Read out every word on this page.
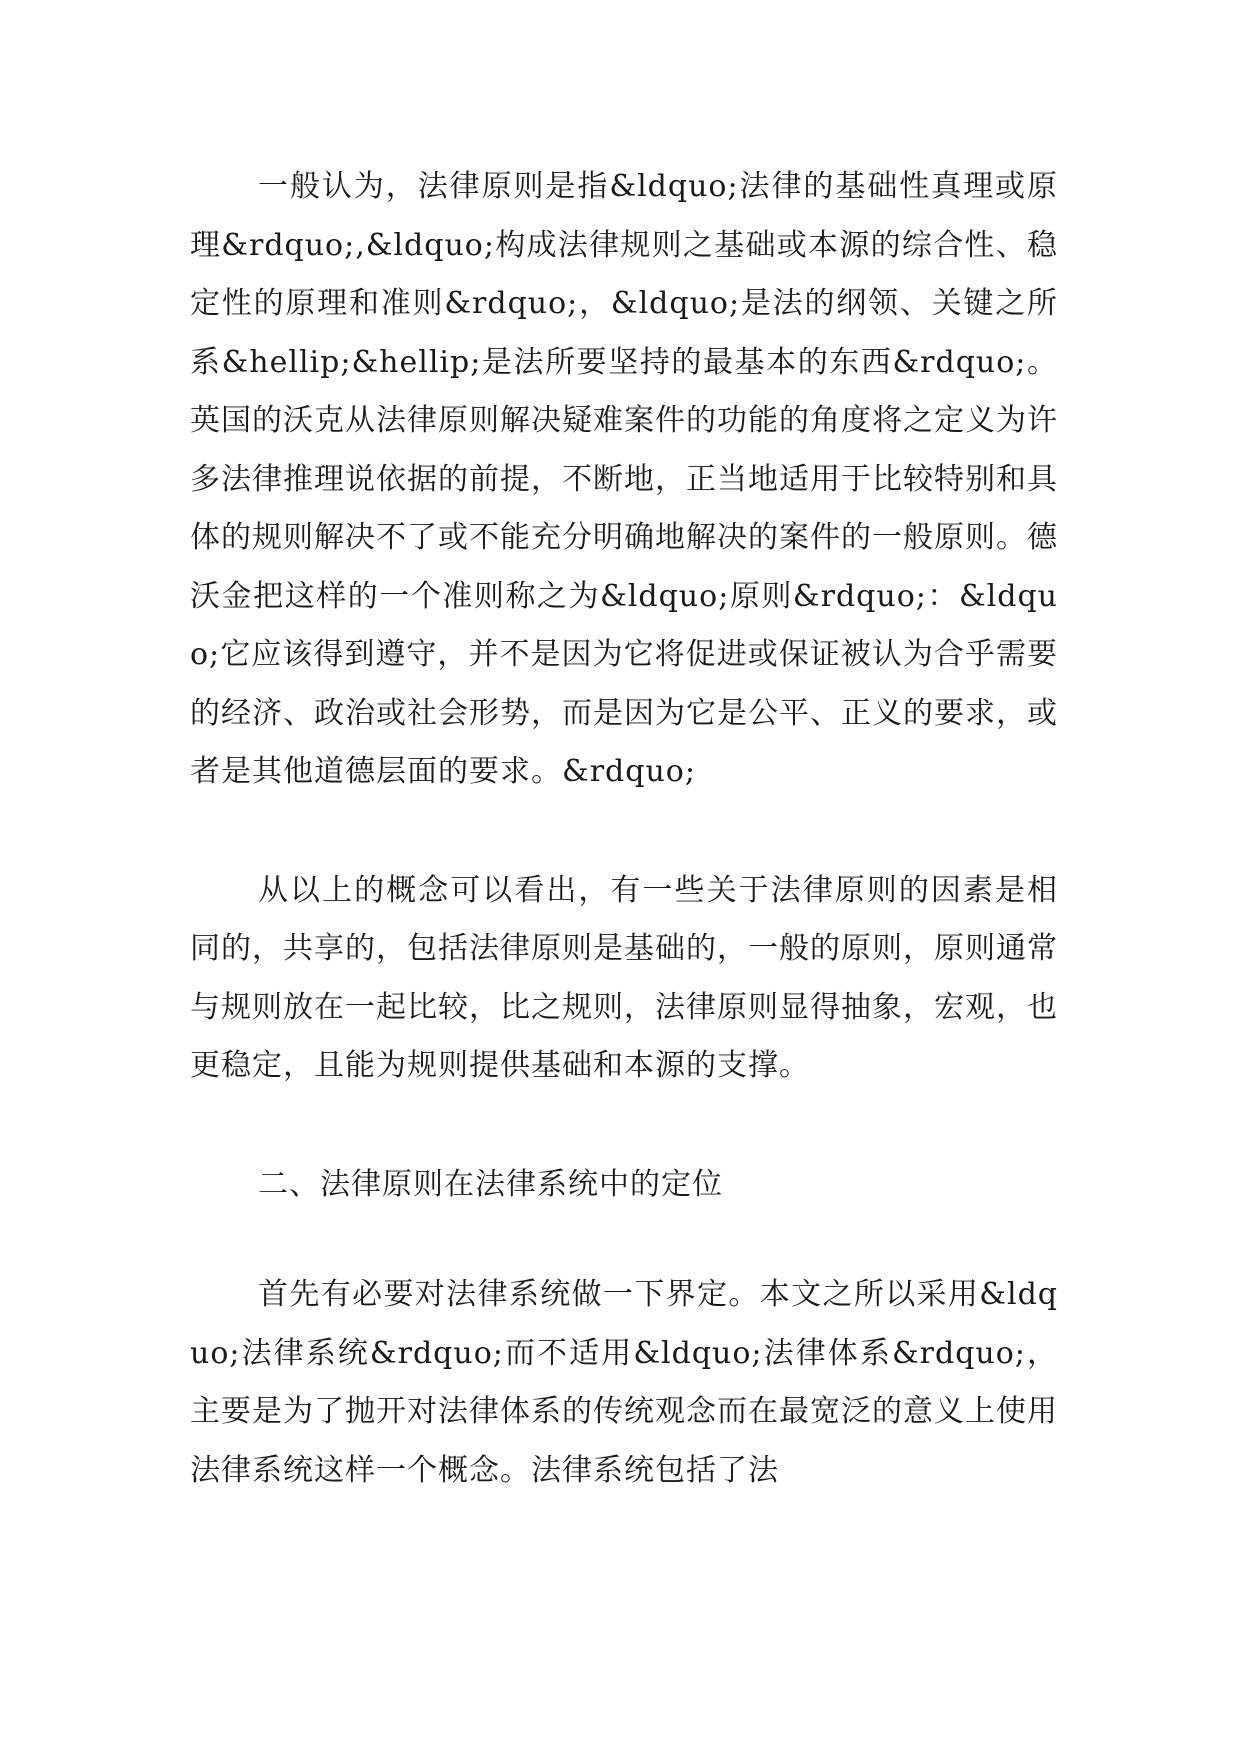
一般认为，法律原则是指&ldquo;法律的基础性真理或原理&rdquo;,&ldquo;构成法律规则之基础或本源的综合性、稳定性的原理和准则&rdquo;，&ldquo;是法的纲领、关键之所系&hellip;&hellip;是法所要坚持的最基本的东西&rdquo;。英国的沃克从法律原则解决疑难案件的功能的角度将之定义为许多法律推理说依据的前提，不断地，正当地适用于比较特别和具体的规则解决不了或不能充分明确地解决的案件的一般原则。德沃金把这样的一个准则称之为&ldquo;原则&rdquo;：&ldquo;它应该得到遵守，并不是因为它将促进或保证被认为合乎需要的经济、政治或社会形势，而是因为它是公平、正义的要求，或者是其他道德层面的要求。&rdquo;

从以上的概念可以看出，有一些关于法律原则的因素是相同的，共享的，包括法律原则是基础的，一般的原则，原则通常与规则放在一起比较，比之规则，法律原则显得抽象，宏观，也更稳定，且能为规则提供基础和本源的支撑。

二、法律原则在法律系统中的定位

首先有必要对法律系统做一下界定。本文之所以采用&ldquo;法律系统&rdquo;而不适用&ldquo;法律体系&rdquo;，主要是为了抛开对法律体系的传统观念而在最宽泛的意义上使用法律系统这样一个概念。法律系统包括了法
